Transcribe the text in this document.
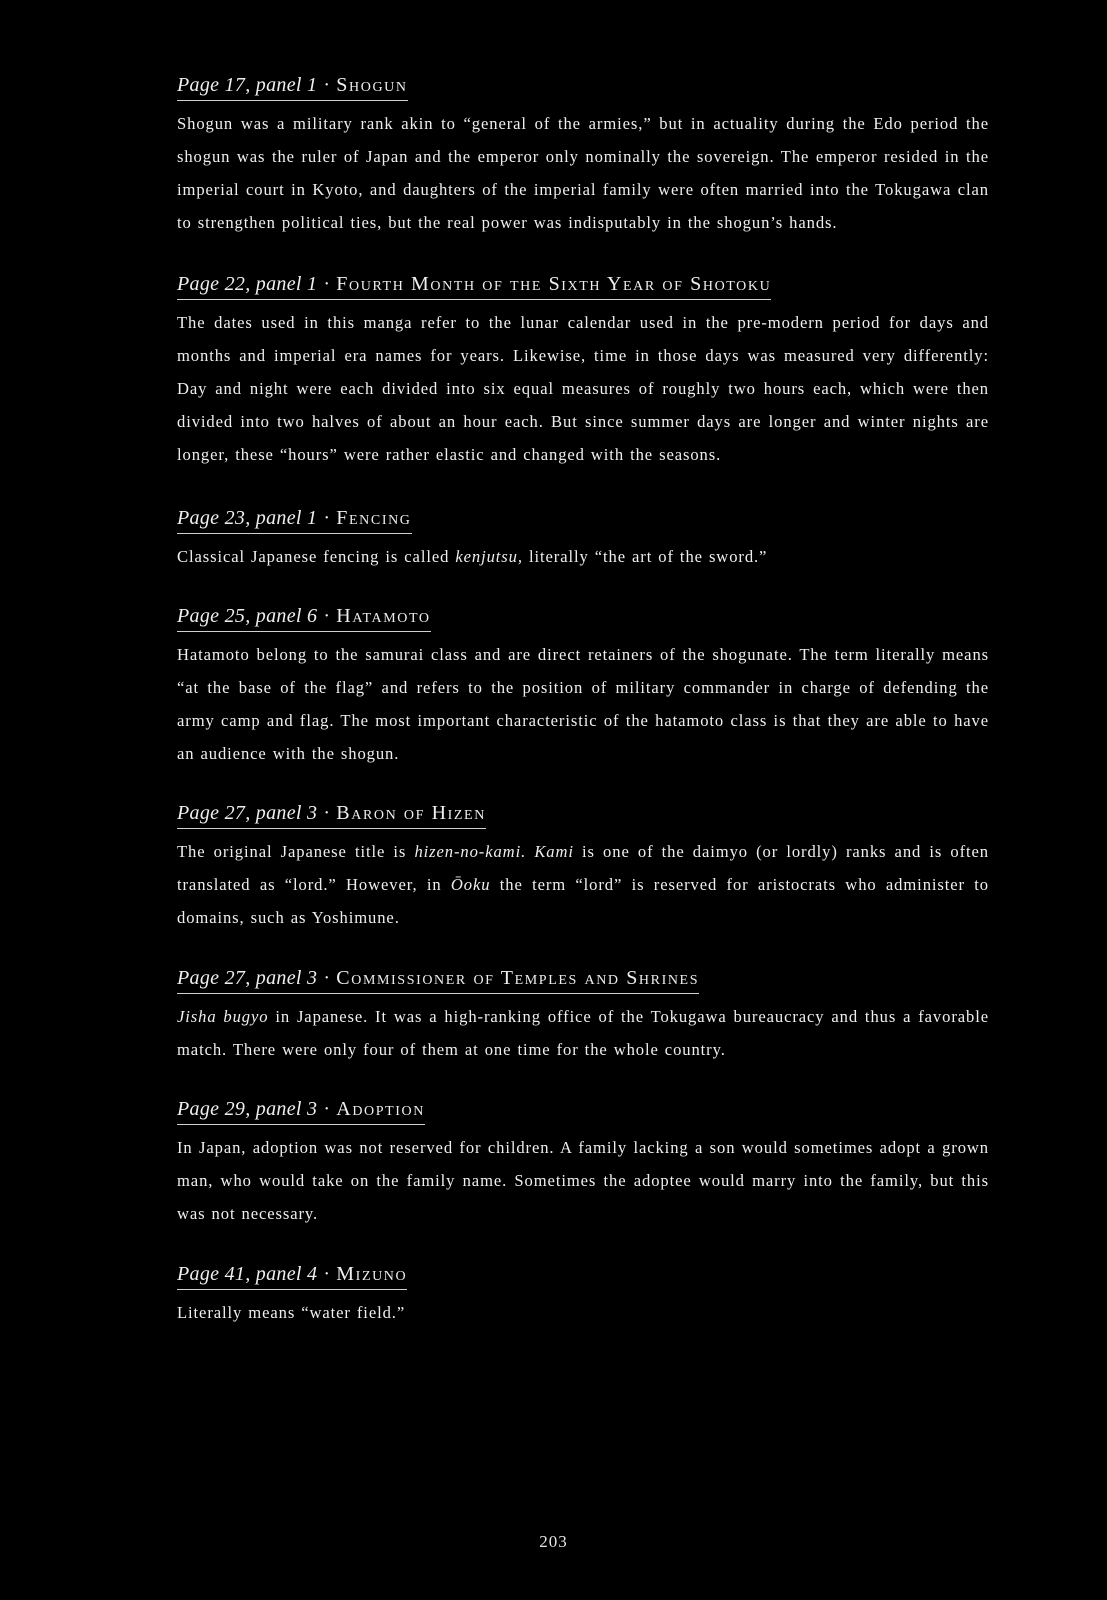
Page 17, panel 1 · Shogun

Shogun was a military rank akin to “general of the armies,” but in actuality during the Edo period the shogun was the ruler of Japan and the emperor only nominally the sovereign. The emperor resided in the imperial court in Kyoto, and daughters of the imperial family were often married into the Tokugawa clan to strengthen political ties, but the real power was indisputably in the shogun’s hands.

Page 22, panel 1 · Fourth Month of the Sixth Year of Shotoku

The dates used in this manga refer to the lunar calendar used in the pre-modern period for days and months and imperial era names for years. Likewise, time in those days was measured very differently: Day and night were each divided into six equal measures of roughly two hours each, which were then divided into two halves of about an hour each. But since summer days are longer and winter nights are longer, these “hours” were rather elastic and changed with the seasons.

Page 23, panel 1 · Fencing

Classical Japanese fencing is called kenjutsu, literally “the art of the sword.”

Page 25, panel 6 · Hatamoto

Hatamoto belong to the samurai class and are direct retainers of the shogunate. The term literally means “at the base of the flag” and refers to the position of military commander in charge of defending the army camp and flag. The most important characteristic of the hatamoto class is that they are able to have an audience with the shogun.

Page 27, panel 3 · Baron of Hizen

The original Japanese title is hizen-no-kami. Kami is one of the daimyo (or lordly) ranks and is often translated as “lord.” However, in Ōoku the term “lord” is reserved for aristocrats who administer to domains, such as Yoshimune.

Page 27, panel 3 · Commissioner of Temples and Shrines

Jisha bugyo in Japanese. It was a high-ranking office of the Tokugawa bureaucracy and thus a favorable match. There were only four of them at one time for the whole country.

Page 29, panel 3 · Adoption

In Japan, adoption was not reserved for children. A family lacking a son would sometimes adopt a grown man, who would take on the family name. Sometimes the adoptee would marry into the family, but this was not necessary.

Page 41, panel 4 · Mizuno

Literally means “water field.”

203
